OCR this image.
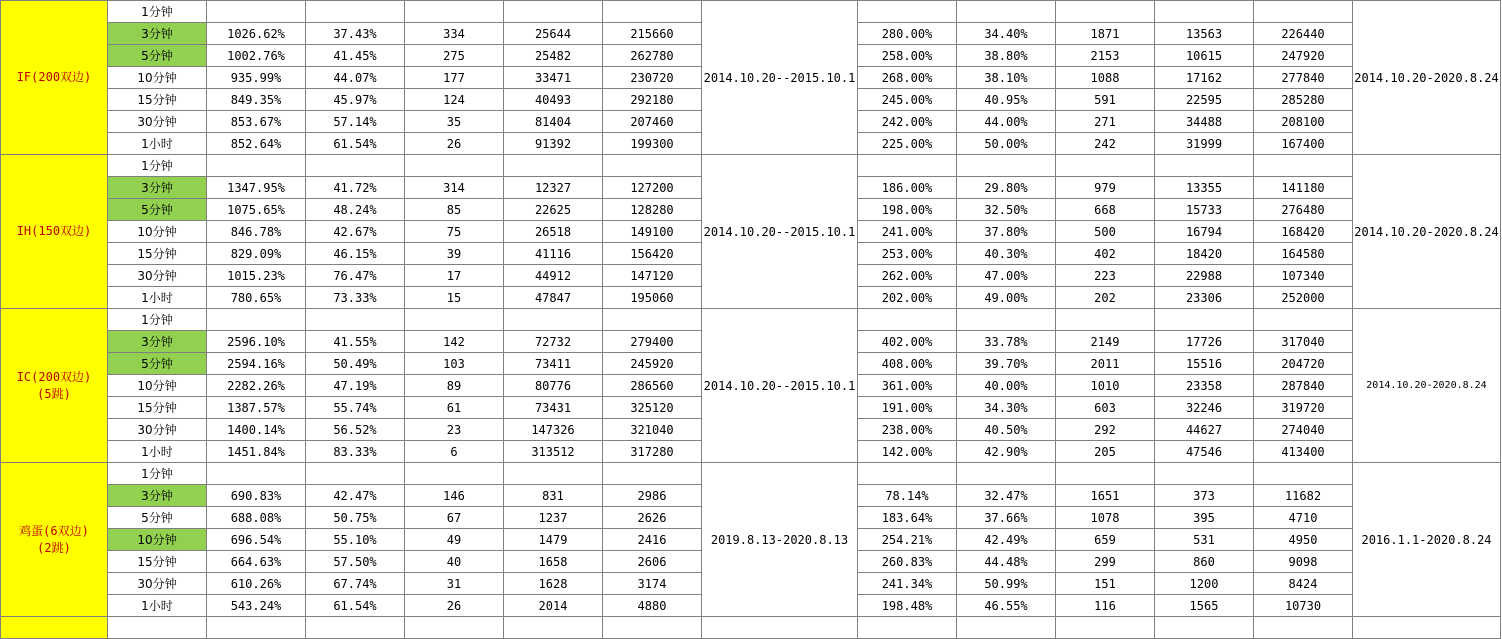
IF(200双边)	1分钟						2014.10.20--2015.10.1						2014.10.20-2020.8.24
	3分钟	1026.62%	37.43%	334	25644	215660		280.00%	34.40%	1871	13563	226440	
	5分钟	1002.76%	41.45%	275	25482	262780		258.00%	38.80%	2153	10615	247920	
	10分钟	935.99%	44.07%	177	33471	230720		268.00%	38.10%	1088	17162	277840	
	15分钟	849.35%	45.97%	124	40493	292180		245.00%	40.95%	591	22595	285280	
	30分钟	853.67%	57.14%	35	81404	207460		242.00%	44.00%	271	34488	208100	
	1小时	852.64%	61.54%	26	91392	199300		225.00%	50.00%	242	31999	167400	

IH(150双边)	1分钟						2014.10.20--2015.10.1						2014.10.20-2020.8.24
	3分钟	1347.95%	41.72%	314	12327	127200		186.00%	29.80%	979	13355	141180	
	5分钟	1075.65%	48.24%	85	22625	128280		198.00%	32.50%	668	15733	276480	
	10分钟	846.78%	42.67%	75	26518	149100		241.00%	37.80%	500	16794	168420	
	15分钟	829.09%	46.15%	39	41116	156420		253.00%	40.30%	402	18420	164580	
	30分钟	1015.23%	76.47%	17	44912	147120		262.00%	47.00%	223	22988	107340	
	1小时	780.65%	73.33%	15	47847	195060		202.00%	49.00%	202	23306	252000	

IC(200双边)
(5跳)	1分钟						2014.10.20--2015.10.1						2014.10.20-2020.8.24
	3分钟	2596.10%	41.55%	142	72732	279400		402.00%	33.78%	2149	17726	317040	
	5分钟	2594.16%	50.49%	103	73411	245920		408.00%	39.70%	2011	15516	204720	
	10分钟	2282.26%	47.19%	89	80776	286560		361.00%	40.00%	1010	23358	287840	
	15分钟	1387.57%	55.74%	61	73431	325120		191.00%	34.30%	603	32246	319720	
	30分钟	1400.14%	56.52%	23	147326	321040		238.00%	40.50%	292	44627	274040	
	1小时	1451.84%	83.33%	6	313512	317280		142.00%	42.90%	205	47546	413400	

鸡蛋(6双边)
(2跳)	1分钟						2019.8.13-2020.8.13						2016.1.1-2020.8.24
	3分钟	690.83%	42.47%	146	831	2986		78.14%	32.47%	1651	373	11682	
	5分钟	688.08%	50.75%	67	1237	2626		183.64%	37.66%	1078	395	4710	
	10分钟	696.54%	55.10%	49	1479	2416		254.21%	42.49%	659	531	4950	
	15分钟	664.63%	57.50%	40	1658	2606		260.83%	44.48%	299	860	9098	
	30分钟	610.26%	67.74%	31	1628	3174		241.34%	50.99%	151	1200	8424	
	1小时	543.24%	61.54%	26	2014	4880		198.48%	46.55%	116	1565	10730	
